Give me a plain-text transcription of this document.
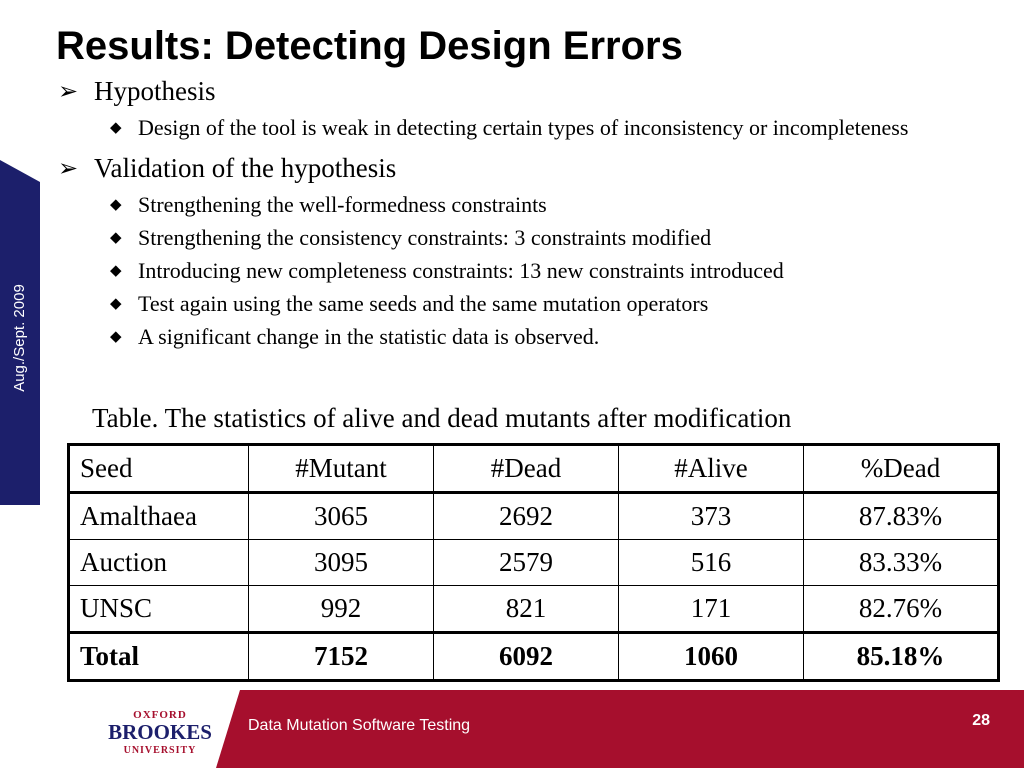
Aug./Sept. 2009
Results: Detecting Design Errors
➢ Hypothesis
◆ Design of the tool is weak in detecting certain types of inconsistency or incompleteness
➢ Validation of the hypothesis
◆ Strengthening the well-formedness constraints
◆ Strengthening the consistency constraints: 3 constraints modified
◆ Introducing new completeness constraints: 13 new constraints introduced
◆ Test again using the same seeds and the same mutation operators
◆ A significant change in the statistic data is observed.
Table. The statistics of alive and dead mutants after modification
Seed	#Mutant	#Dead	#Alive	%Dead
Amalthaea	3065	2692	373	87.83%
Auction	3095	2579	516	83.33%
UNSC	992	821	171	82.76%
Total	7152	6092	1060	85.18%
OXFORD
BROOKES
UNIVERSITY
Data Mutation Software Testing	28
